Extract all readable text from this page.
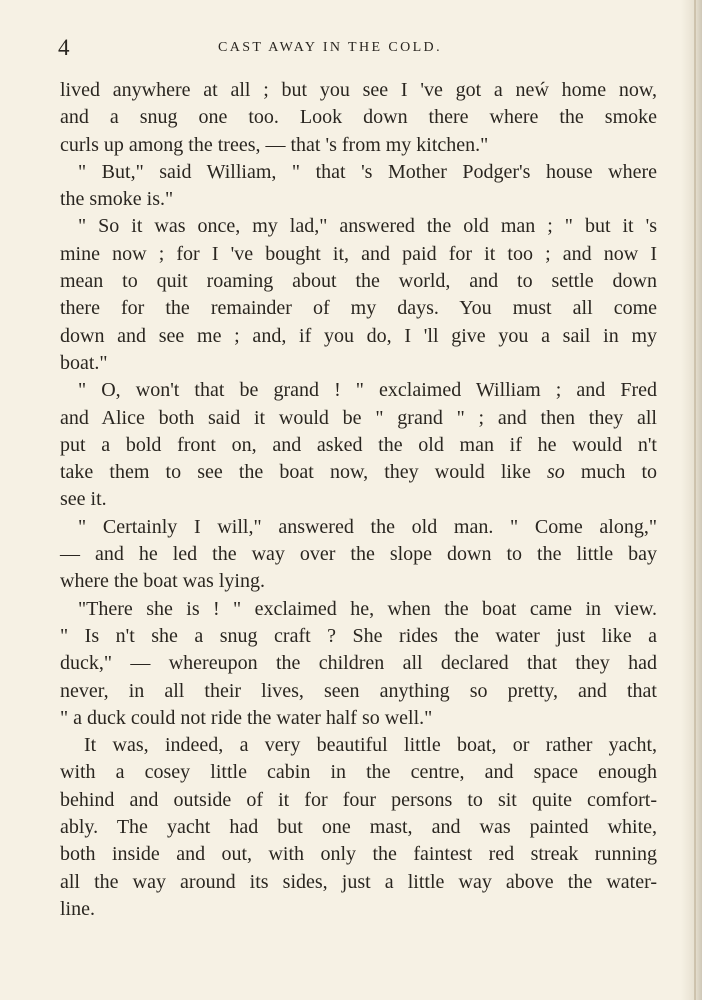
4	CAST AWAY IN THE COLD.
lived anywhere at all ; but you see I 've got a neẃ home now,
and a snug one too. Look down there where the smoke
curls up among the trees, — that 's from my kitchen."
" But," said William, " that 's Mother Podger's house where
the smoke is."
" So it was once, my lad," answered the old man ; " but it 's
mine now ; for I 've bought it, and paid for it too ; and now I
mean to quit roaming about the world, and to settle down
there for the remainder of my days. You must all come
down and see me ; and, if you do, I 'll give you a sail in my
boat."
" O, won't that be grand ! " exclaimed William ; and Fred
and Alice both said it would be " grand " ; and then they all
put a bold front on, and asked the old man if he would n't
take them to see the boat now, they would like so much to
see it.
" Certainly I will," answered the old man. " Come along,"
— and he led the way over the slope down to the little bay
where the boat was lying.
"There she is ! " exclaimed he, when the boat came in view.
" Is n't she a snug craft ? She rides the water just like a
duck," — whereupon the children all declared that they had
never, in all their lives, seen anything so pretty, and that
" a duck could not ride the water half so well."
It was, indeed, a very beautiful little boat, or rather yacht,
with a cosey little cabin in the centre, and space enough
behind and outside of it for four persons to sit quite comfort-
ably. The yacht had but one mast, and was painted white,
both inside and out, with only the faintest red streak running
all the way around its sides, just a little way above the water-
line.
